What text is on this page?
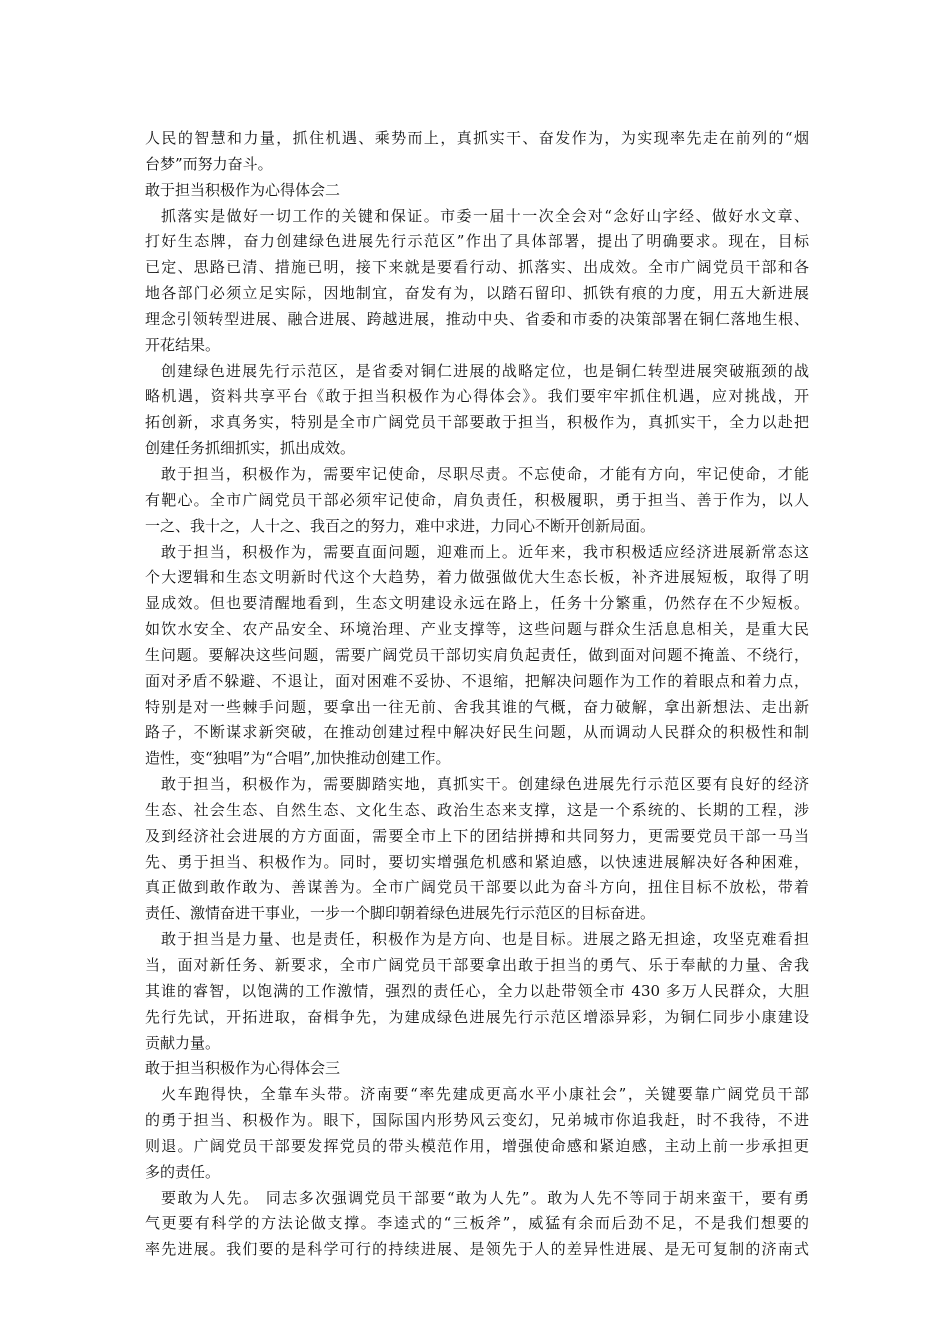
人民的智慧和力量，抓住机遇、乘势而上，真抓实干、奋发作为，为实现率先走在前列的“烟

台梦”而努力奋斗。

敢于担当积极作为心得体会二

抓落实是做好一切工作的关键和保证。市委一届十一次全会对“念好山字经、做好水文章、

打好生态牌，奋力创建绿色进展先行示范区”作出了具体部署，提出了明确要求。现在，目标

已定、思路已清、措施已明，接下来就是要看行动、抓落实、出成效。全市广阔党员干部和各

地各部门必须立足实际，因地制宜，奋发有为，以踏石留印、抓铁有痕的力度，用五大新进展

理念引领转型进展、融合进展、跨越进展，推动中央、省委和市委的决策部署在铜仁落地生根、

开花结果。

创建绿色进展先行示范区，是省委对铜仁进展的战略定位，也是铜仁转型进展突破瓶颈的战

略机遇，资料共享平台《敢于担当积极作为心得体会》。我们要牢牢抓住机遇，应对挑战，开

拓创新，求真务实，特别是全市广阔党员干部要敢于担当，积极作为，真抓实干，全力以赴把

创建任务抓细抓实，抓出成效。

敢于担当，积极作为，需要牢记使命，尽职尽责。不忘使命，才能有方向，牢记使命，才能

有靶心。全市广阔党员干部必须牢记使命，肩负责任，积极履职，勇于担当、善于作为，以人

一之、我十之，人十之、我百之的努力，难中求进，力同心不断开创新局面。

敢于担当，积极作为，需要直面问题，迎难而上。近年来，我市积极适应经济进展新常态这

个大逻辑和生态文明新时代这个大趋势，着力做强做优大生态长板，补齐进展短板，取得了明

显成效。但也要清醒地看到，生态文明建设永远在路上，任务十分繁重，仍然存在不少短板。

如饮水安全、农产品安全、环境治理、产业支撑等，这些问题与群众生活息息相关，是重大民

生问题。要解决这些问题，需要广阔党员干部切实肩负起责任，做到面对问题不掩盖、不绕行，

面对矛盾不躲避、不退让，面对困难不妥协、不退缩，把解决问题作为工作的着眼点和着力点，

特别是对一些棘手问题，要拿出一往无前、舍我其谁的气概，奋力破解，拿出新想法、走出新

路子，不断谋求新突破，在推动创建过程中解决好民生问题，从而调动人民群众的积极性和制

造性，变“独唱”为“合唱”,加快推动创建工作。

敢于担当，积极作为，需要脚踏实地，真抓实干。创建绿色进展先行示范区要有良好的经济

生态、社会生态、自然生态、文化生态、政治生态来支撑，这是一个系统的、长期的工程，涉

及到经济社会进展的方方面面，需要全市上下的团结拼搏和共同努力，更需要党员干部一马当

先、勇于担当、积极作为。同时，要切实增强危机感和紧迫感，以快速进展解决好各种困难，

真正做到敢作敢为、善谋善为。全市广阔党员干部要以此为奋斗方向，扭住目标不放松，带着

责任、激情奋进干事业，一步一个脚印朝着绿色进展先行示范区的目标奋进。

敢于担当是力量、也是责任，积极作为是方向、也是目标。进展之路无担途，攻坚克难看担

当，面对新任务、新要求，全市广阔党员干部要拿出敢于担当的勇气、乐于奉献的力量、舍我

其谁的睿智，以饱满的工作激情，强烈的责任心，全力以赴带领全市 430 多万人民群众，大胆

先行先试，开拓进取，奋楫争先，为建成绿色进展先行示范区增添异彩，为铜仁同步小康建设

贡献力量。

敢于担当积极作为心得体会三

火车跑得快，全靠车头带。济南要“率先建成更高水平小康社会”，关键要靠广阔党员干部

的勇于担当、积极作为。眼下，国际国内形势风云变幻，兄弟城市你追我赶，时不我待，不进

则退。广阔党员干部要发挥党员的带头模范作用，增强使命感和紧迫感，主动上前一步承担更

多的责任。

要敢为人先。 同志多次强调党员干部要“敢为人先”。敢为人先不等同于胡来蛮干，要有勇

气更要有科学的方法论做支撑。李逵式的“三板斧”，威猛有余而后劲不足，不是我们想要的

率先进展。我们要的是科学可行的持续进展、是领先于人的差异性进展、是无可复制的济南式
